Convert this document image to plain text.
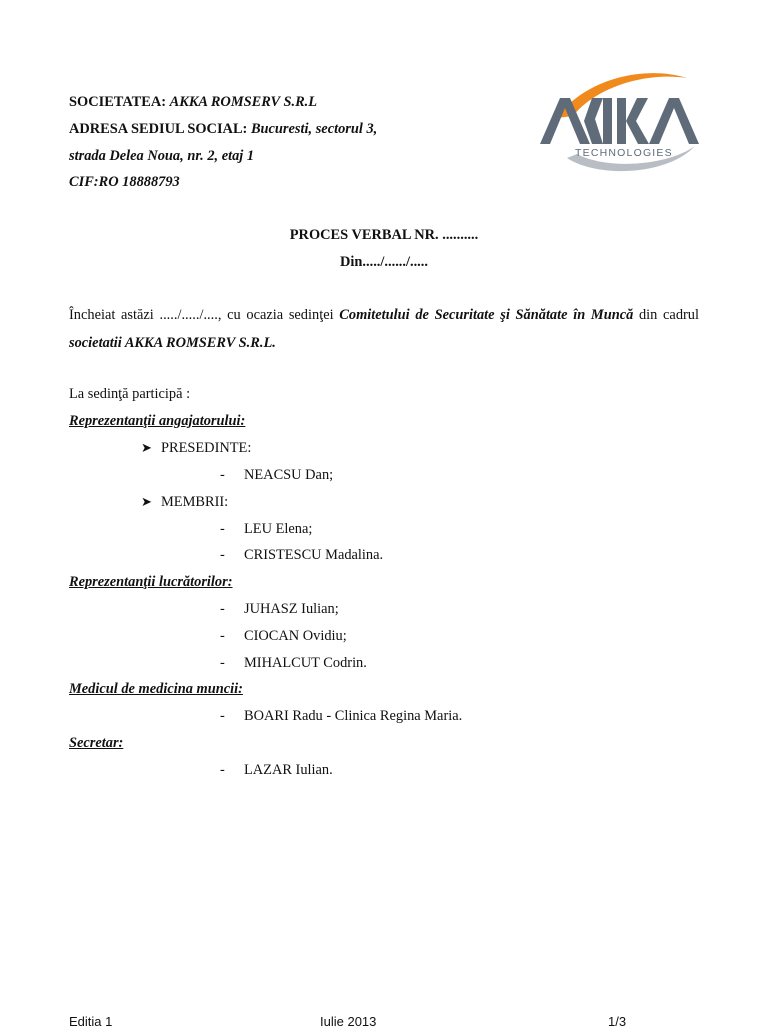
SOCIETATEA: AKKA ROMSERV S.R.L
ADRESA SEDIUL SOCIAL: Bucuresti, sectorul 3,
strada Delea Noua, nr. 2, etaj 1
CIF:RO 18888793
TECHNOLOGIES
PROCES VERBAL NR. ..........
Din...../....../.....
Încheiat astăzi ...../...../...., cu ocazia sedinţei Comitetului de Securitate şi Sănătate în Muncă din cadrul societatii AKKA ROMSERV S.R.L.
La sedinţă participă :
Reprezentanţii angajatorului:
➤ PRESEDINTE:
- NEACSU Dan;
➤ MEMBRII:
- LEU Elena;
- CRISTESCU Madalina.
Reprezentanţii lucrătorilor:
- JUHASZ Iulian;
- CIOCAN Ovidiu;
- MIHALCUT Codrin.
Medicul de medicina muncii:
- BOARI Radu - Clinica Regina Maria.
Secretar:
- LAZAR Iulian.
Editia 1	Iulie 2013	1/3
